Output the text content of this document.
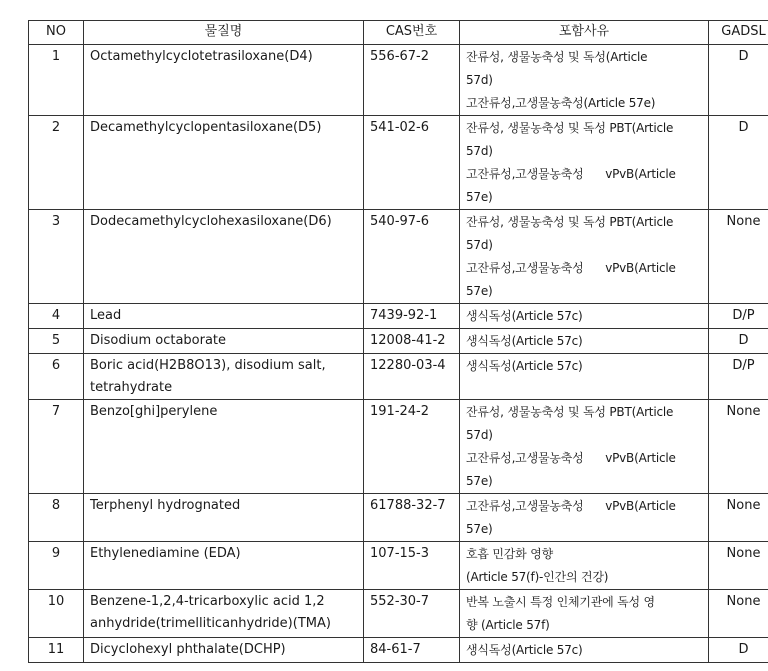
NO	물질명	CAS번호	포함사유	GADSL
1	Octamethylcyclotetrasiloxane(D4)	556-67-2	잔류성, 생물농축성 및 독성(Article
57d)
고잔류성,고생물농축성(Article 57e)	D
2	Decamethylcyclopentasiloxane(D5)	541-02-6	잔류성, 생물농축성 및 독성 PBT(Article
57d)
고잔류성,고생물농축성      vPvB(Article
57e)	D
3	Dodecamethylcyclohexasiloxane(D6)	540-97-6	잔류성, 생물농축성 및 독성 PBT(Article
57d)
고잔류성,고생물농축성      vPvB(Article
57e)	None
4	Lead	7439-92-1	생식독성(Article 57c)	D/P
5	Disodium octaborate	12008-41-2	생식독성(Article 57c)	D
6	Boric acid(H2B8O13), disodium salt, tetrahydrate	12280-03-4	생식독성(Article 57c)	D/P
7	Benzo[ghi]perylene	191-24-2	잔류성, 생물농축성 및 독성 PBT(Article
57d)
고잔류성,고생물농축성      vPvB(Article
57e)	None
8	Terphenyl hydrognated	61788-32-7	고잔류성,고생물농축성      vPvB(Article
57e)	None
9	Ethylenediamine (EDA)	107-15-3	호흡 민감화 영향
(Article 57(f)-인간의 건강)	None
10	Benzene-1,2,4-tricarboxylic acid 1,2 anhydride(trimelliticanhydride)(TMA)	552-30-7	반복 노출시 특정 인체기관에 독성 영
향 (Article 57f)	None
11	Dicyclohexyl phthalate(DCHP)	84-61-7	생식독성(Article 57c)	D
